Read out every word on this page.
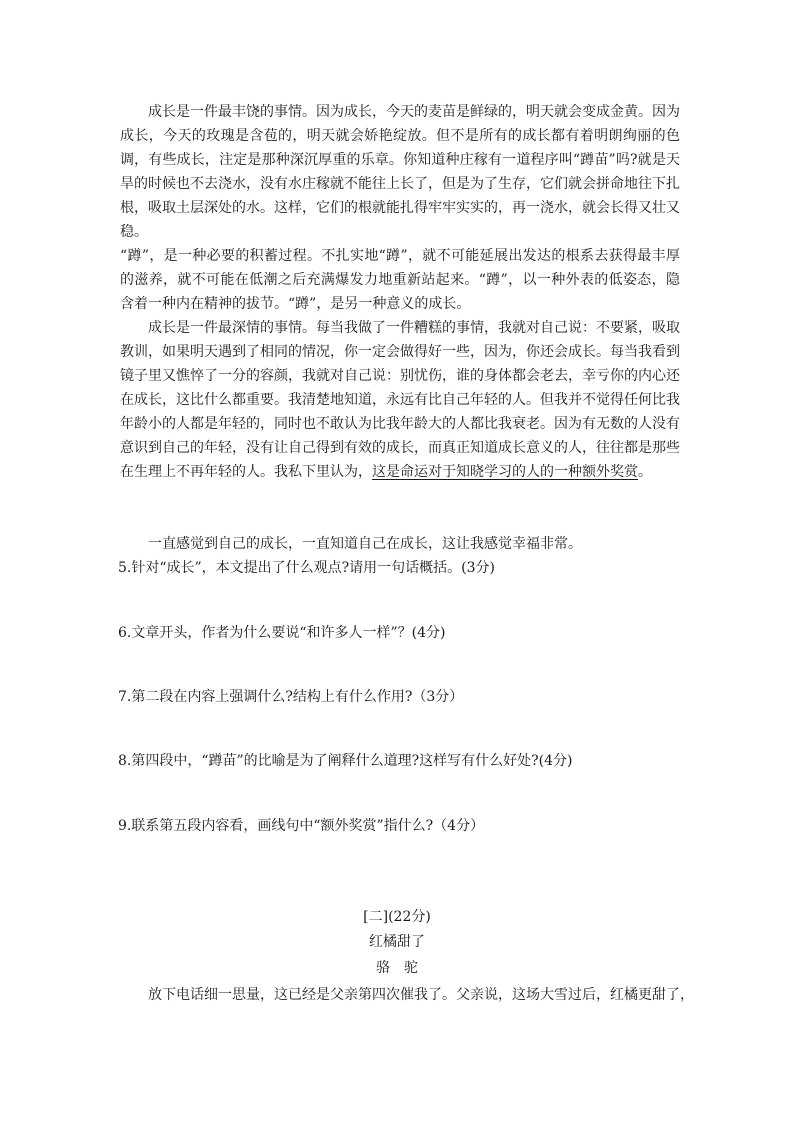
成长是一件最丰饶的事情。因为成长，今天的麦苗是鲜绿的，明天就会变成金黄。因为成长，今天的玫瑰是含苞的，明天就会娇艳绽放。但不是所有的成长都有着明朗绚丽的色调，有些成长，注定是那种深沉厚重的乐章。你知道种庄稼有一道程序叫“蹲苗”吗?就是天旱的时候也不去浇水，没有水庄稼就不能往上长了，但是为了生存，它们就会拼命地往下扎根，吸取土层深处的水。这样，它们的根就能扎得牢牢实实的，再一浇水，就会长得又壮又稳。

“蹲”，是一种必要的积蓄过程。不扎实地“蹲”，就不可能延展出发达的根系去获得最丰厚的滋养，就不可能在低潮之后充满爆发力地重新站起来。“蹲”，以一种外表的低姿态，隐含着一种内在精神的拔节。“蹲”，是另一种意义的成长。

成长是一件最深情的事情。每当我做了一件糟糕的事情，我就对自己说：不要紧，吸取教训，如果明天遇到了相同的情况，你一定会做得好一些，因为，你还会成长。每当我看到镜子里又憔悴了一分的容颜，我就对自己说：别忧伤，谁的身体都会老去，幸亏你的内心还在成长，这比什么都重要。我清楚地知道，永远有比自己年轻的人。但我并不觉得任何比我年龄小的人都是年轻的，同时也不敢认为比我年龄大的人都比我衰老。因为有无数的人没有意识到自己的年轻，没有让自己得到有效的成长，而真正知道成长意义的人，往往都是那些在生理上不再年轻的人。我私下里认为，这是命运对于知晓学习的人的一种额外奖赏。

一直感觉到自己的成长，一直知道自己在成长，这让我感觉幸福非常。

5.针对“成长”，本文提出了什么观点?请用一句话概括。(3分)

6.文章开头，作者为什么要说“和许多人一样”？(4分)

7.第二段在内容上强调什么?结构上有什么作用?（3分）

8.第四段中，“蹲苗”的比喻是为了阐释什么道理?这样写有什么好处?(4分)

9.联系第五段内容看，画线句中“额外奖赏”指什么?（4分）

[二](22分)

红橘甜了

骆　驼

放下电话细一思量，这已经是父亲第四次催我了。父亲说，这场大雪过后，红橘更甜了，
